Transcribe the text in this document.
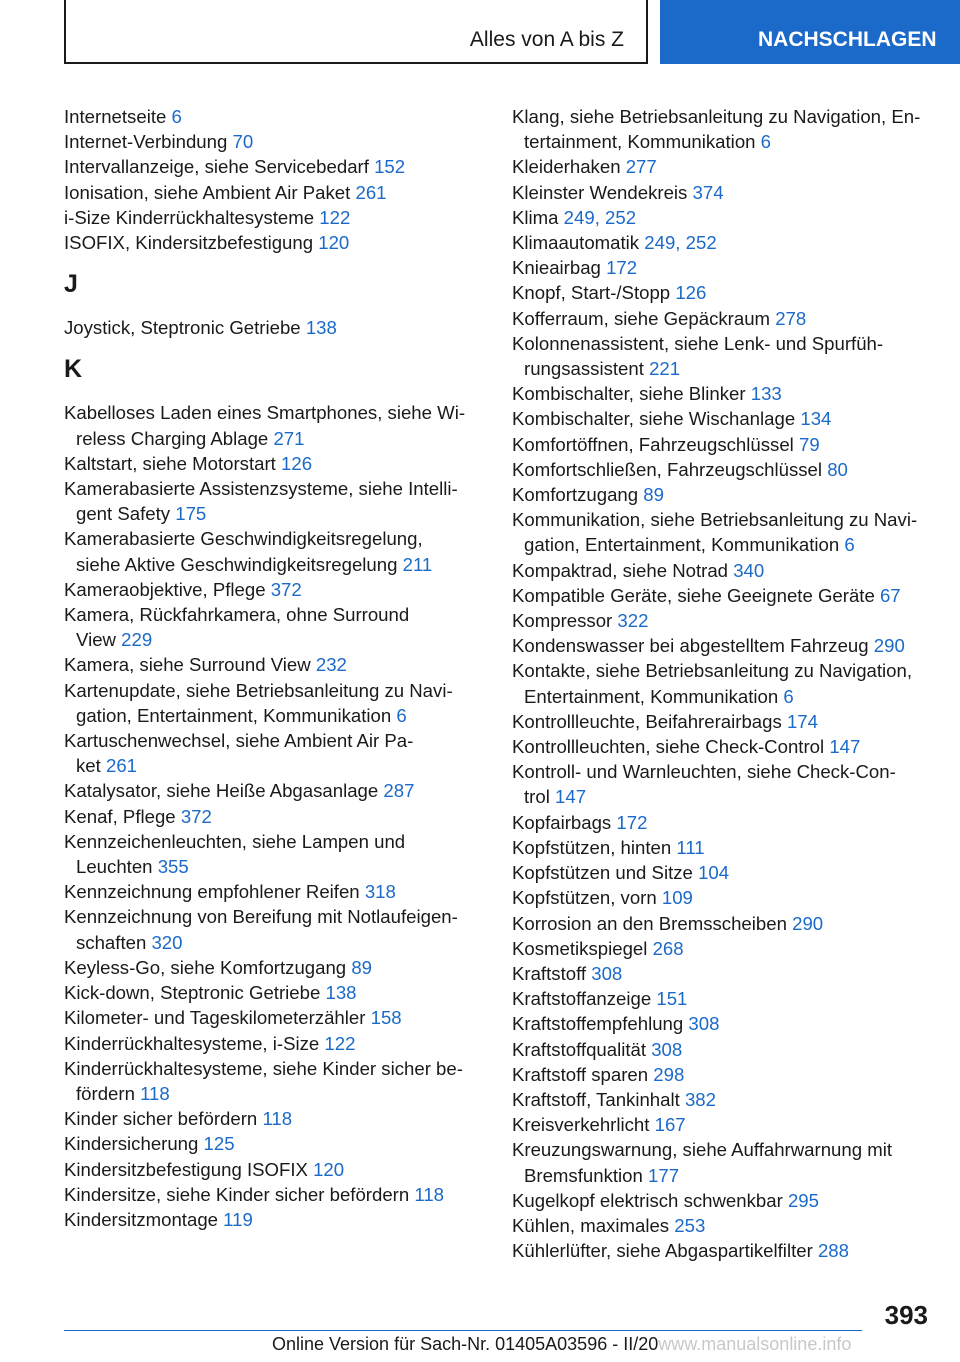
Alles von A bis Z	NACHSCHLAGEN
Internetseite 6
Internet-Verbindung 70
Intervallanzeige, siehe Servicebedarf 152
Ionisation, siehe Ambient Air Paket 261
i-Size Kinderrückhaltesysteme 122
ISOFIX, Kindersitzbefestigung 120
J
Joystick, Steptronic Getriebe 138
K
Kabelloses Laden eines Smartphones, siehe Wi-
reless Charging Ablage 271
Kaltstart, siehe Motorstart 126
Kamerabasierte Assistenzsysteme, siehe Intelli-
gent Safety 175
Kamerabasierte Geschwindigkeitsregelung,
siehe Aktive Geschwindigkeitsregelung 211
Kameraobjektive, Pflege 372
Kamera, Rückfahrkamera, ohne Surround
View 229
Kamera, siehe Surround View 232
Kartenupdate, siehe Betriebsanleitung zu Navi-
gation, Entertainment, Kommunikation 6
Kartuschenwechsel, siehe Ambient Air Pa-
ket 261
Katalysator, siehe Heiße Abgasanlage 287
Kenaf, Pflege 372
Kennzeichenleuchten, siehe Lampen und
Leuchten 355
Kennzeichnung empfohlener Reifen 318
Kennzeichnung von Bereifung mit Notlaufeigen-
schaften 320
Keyless-Go, siehe Komfortzugang 89
Kick-down, Steptronic Getriebe 138
Kilometer- und Tageskilometerzähler 158
Kinderrückhaltesysteme, i-Size 122
Kinderrückhaltesysteme, siehe Kinder sicher be-
fördern 118
Kinder sicher befördern 118
Kindersicherung 125
Kindersitzbefestigung ISOFIX 120
Kindersitze, siehe Kinder sicher befördern 118
Kindersitzmontage 119
Klang, siehe Betriebsanleitung zu Navigation, En-
tertainment, Kommunikation 6
Kleiderhaken 277
Kleinster Wendekreis 374
Klima 249, 252
Klimaautomatik 249, 252
Knieairbag 172
Knopf, Start-/Stopp 126
Kofferraum, siehe Gepäckraum 278
Kolonnenassistent, siehe Lenk- und Spurfüh-
rungsassistent 221
Kombischalter, siehe Blinker 133
Kombischalter, siehe Wischanlage 134
Komfortöffnen, Fahrzeugschlüssel 79
Komfortschließen, Fahrzeugschlüssel 80
Komfortzugang 89
Kommunikation, siehe Betriebsanleitung zu Navi-
gation, Entertainment, Kommunikation 6
Kompaktrad, siehe Notrad 340
Kompatible Geräte, siehe Geeignete Geräte 67
Kompressor 322
Kondenswasser bei abgestelltem Fahrzeug 290
Kontakte, siehe Betriebsanleitung zu Navigation,
Entertainment, Kommunikation 6
Kontrollleuchte, Beifahrerairbags 174
Kontrollleuchten, siehe Check-Control 147
Kontroll- und Warnleuchten, siehe Check-Con-
trol 147
Kopfairbags 172
Kopfstützen, hinten 111
Kopfstützen und Sitze 104
Kopfstützen, vorn 109
Korrosion an den Bremsscheiben 290
Kosmetikspiegel 268
Kraftstoff 308
Kraftstoffanzeige 151
Kraftstoffempfehlung 308
Kraftstoffqualität 308
Kraftstoff sparen 298
Kraftstoff, Tankinhalt 382
Kreisverkehrlicht 167
Kreuzungswarnung, siehe Auffahrwarnung mit
Bremsfunktion 177
Kugelkopf elektrisch schwenkbar 295
Kühlen, maximales 253
Kühlerlüfter, siehe Abgaspartikelfilter 288
393
Online Version für Sach-Nr. 01405A03596 - II/20www.manualsonline.info
